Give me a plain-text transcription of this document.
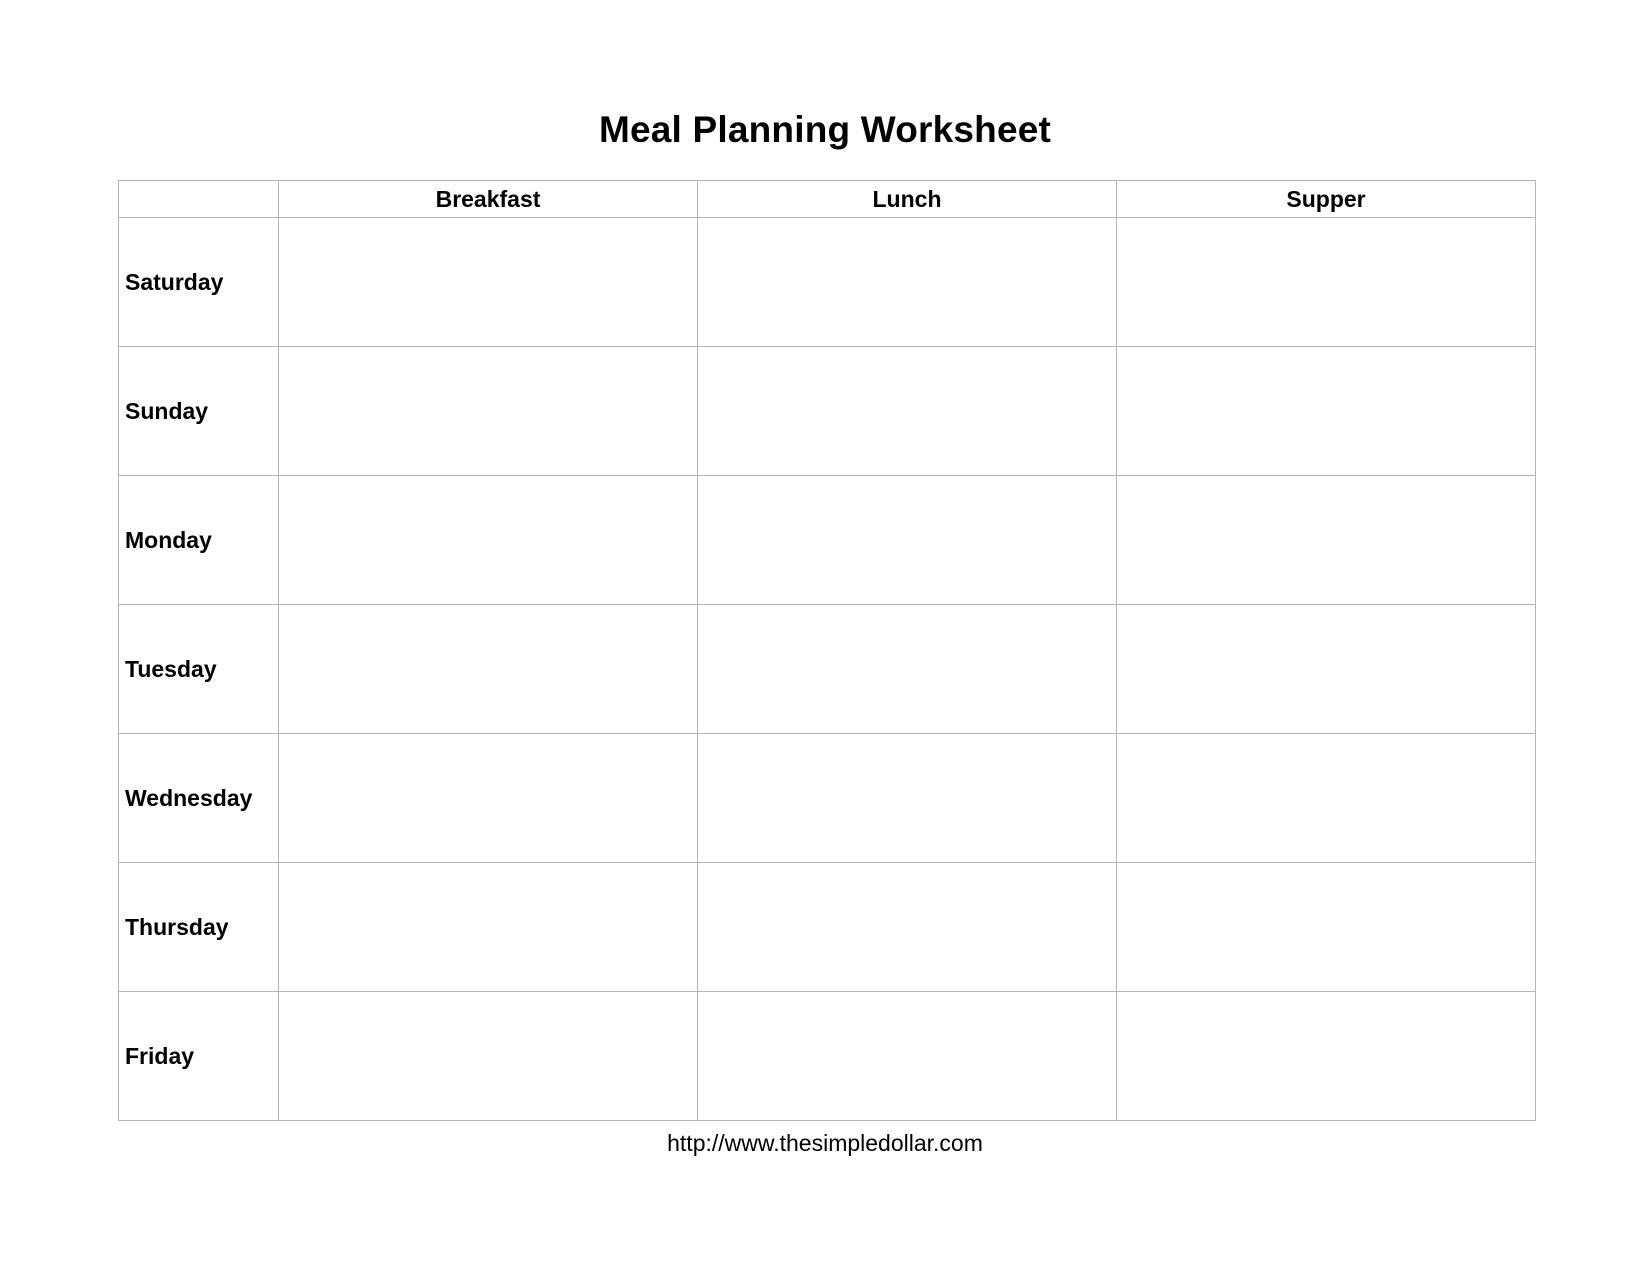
Meal Planning Worksheet
	Breakfast	Lunch	Supper
Saturday			
Sunday			
Monday			
Tuesday			
Wednesday			
Thursday			
Friday			
http://www.thesimpledollar.com
